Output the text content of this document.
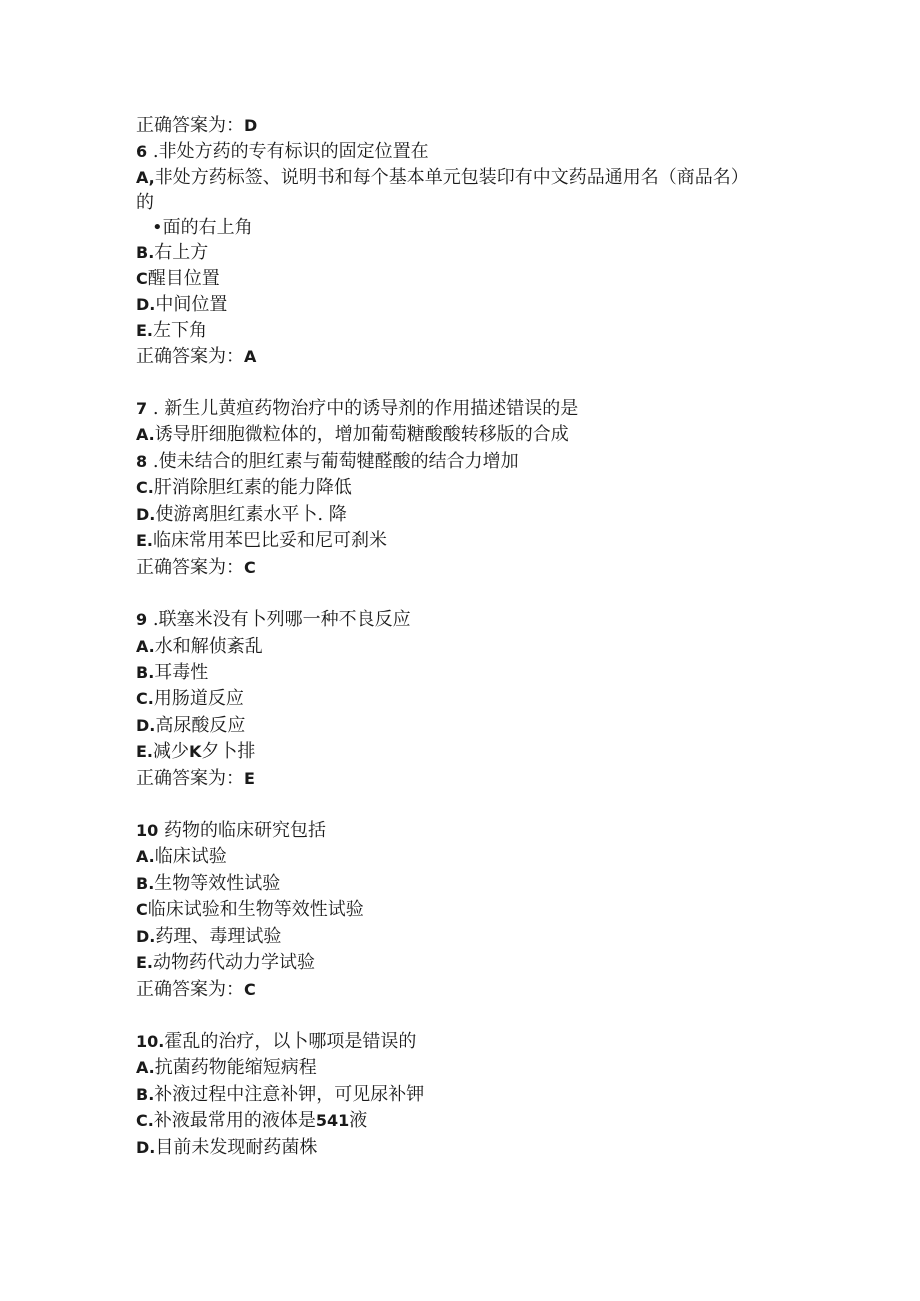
正确答案为：D
6 .非处方药的专有标识的固定位置在
A,非处方药标签、说明书和每个基本单元包装印有中文药品通用名（商品名）
的
•面的右上角
B.右上方
C醒目位置
D.中间位置
E.左下角
正确答案为：A
7 . 新生儿黄疸药物治疗中的诱导剂的作用描述错误的是
A.诱导肝细胞微粒体的，增加葡萄糖酸酸转移版的合成
8 .使未结合的胆红素与葡萄犍醛酸的结合力增加
C.肝消除胆红素的能力降低
D.使游离胆红素水平卜. 降
E.临床常用苯巴比妥和尼可刹米
正确答案为：C
9 .联塞米没有卜列哪一种不良反应
A.水和解侦紊乱
B.耳毒性
C.用肠道反应
D.高尿酸反应
E.减少K夕卜排
正确答案为：E
10 药物的临床研究包括
A.临床试验
B.生物等效性试验
C临床试验和生物等效性试验
D.药理、毒理试验
E.动物药代动力学试验
正确答案为：C
10.霍乱的治疗，以卜哪项是错误的
A.抗菌药物能缩短病程
B.补液过程中注意补钾，可见尿补钾
C.补液最常用的液体是541液
D.目前未发现耐药菌株
